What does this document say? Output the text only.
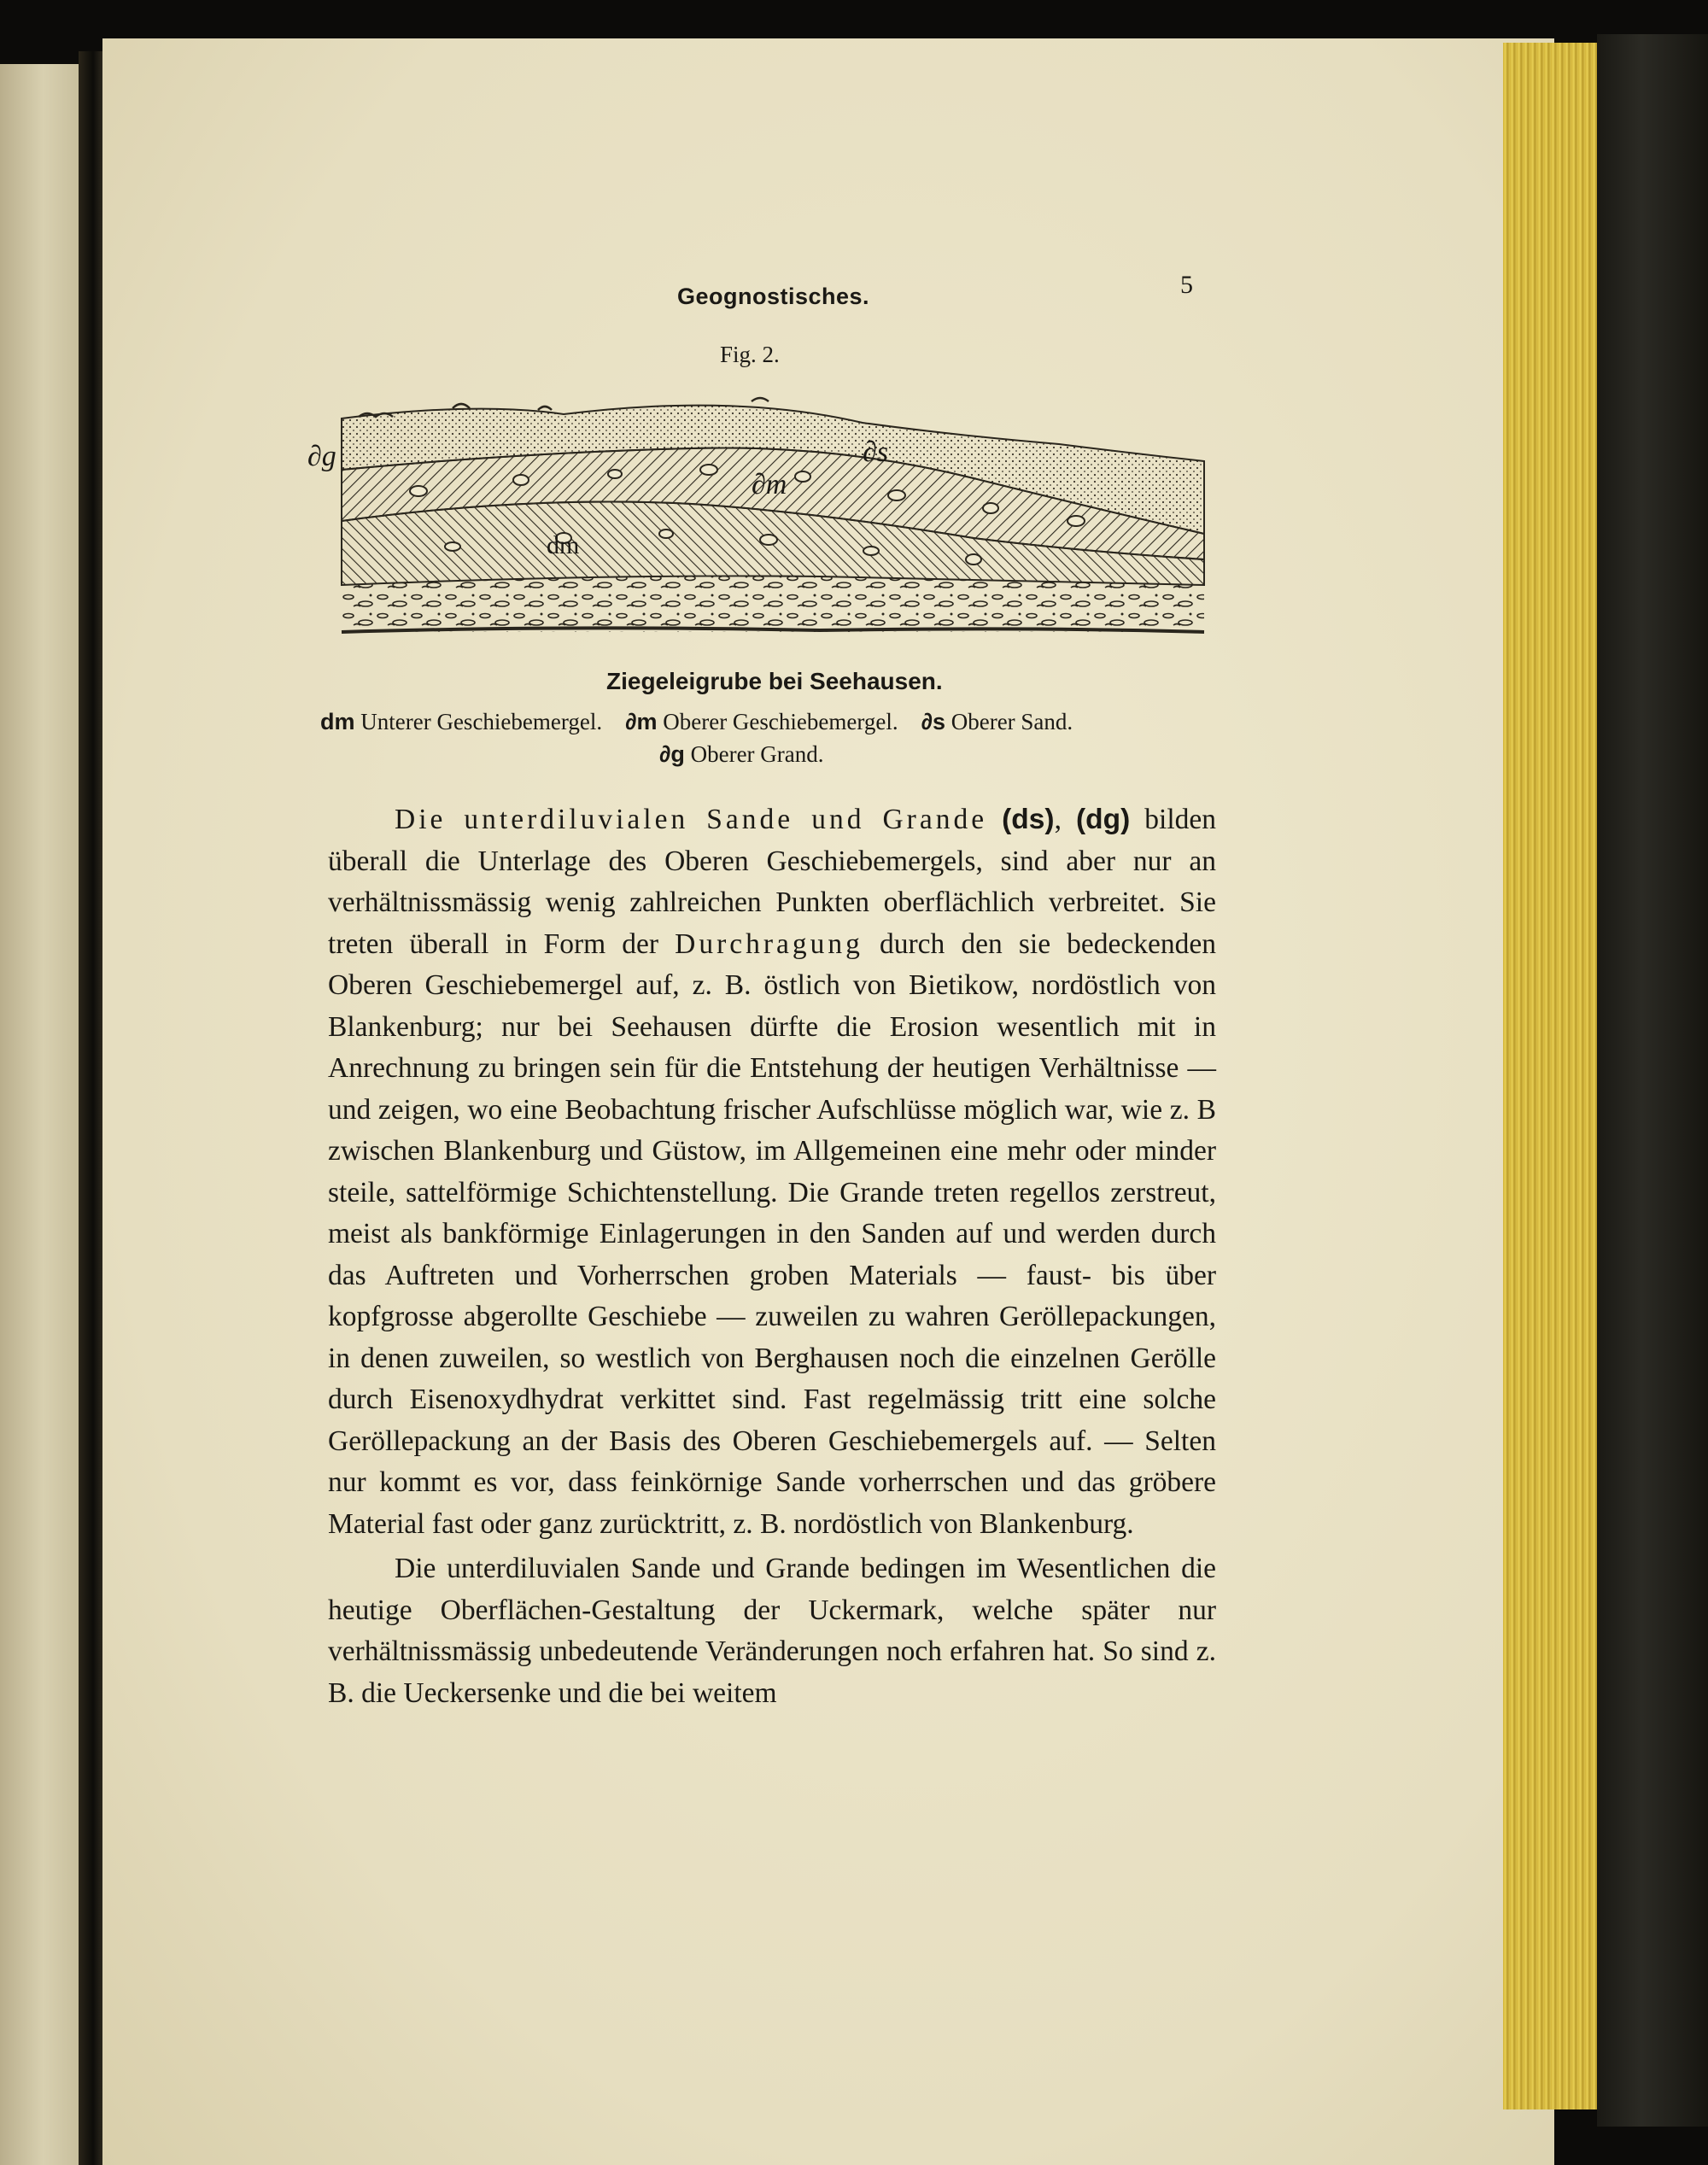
Geognostisches.	5
Fig. 2.
∂g	∂s
∂m
dm
Ziegeleigrube bei Seehausen.
dm Unterer Geschiebemergel. ∂m Oberer Geschiebemergel. ∂s Oberer Sand.
∂g Oberer Grand.

Die unterdiluvialen Sande und Grande (ds), (dg) bilden überall die Unterlage des Oberen Geschiebemergels, sind aber nur an verhältnissmässig wenig zahlreichen Punkten oberflächlich verbreitet. Sie treten überall in Form der Durchragung durch den sie bedeckenden Oberen Geschiebemergel auf, z. B. östlich von Bietikow, nordöstlich von Blankenburg; nur bei Seehausen dürfte die Erosion wesentlich mit in Anrechnung zu bringen sein für die Entstehung der heutigen Verhältnisse — und zeigen, wo eine Beobachtung frischer Aufschlüsse möglich war, wie z. B zwischen Blankenburg und Güstow, im Allgemeinen eine mehr oder minder steile, sattelförmige Schichtenstellung. Die Grande treten regellos zerstreut, meist als bankförmige Einlagerungen in den Sanden auf und werden durch das Auftreten und Vorherrschen groben Materials — faust- bis über kopfgrosse abgerollte Geschiebe — zuweilen zu wahren Geröllepackungen, in denen zuweilen, so westlich von Berghausen noch die einzelnen Gerölle durch Eisenoxydhydrat verkittet sind. Fast regelmässig tritt eine solche Geröllepackung an der Basis des Oberen Geschiebemergels auf. — Selten nur kommt es vor, dass feinkörnige Sande vorherrschen und das gröbere Material fast oder ganz zurücktritt, z. B. nordöstlich von Blankenburg.

Die unterdiluvialen Sande und Grande bedingen im Wesentlichen die heutige Oberflächen-Gestaltung der Uckermark, welche später nur verhältnissmässig unbedeutende Veränderungen noch erfahren hat. So sind z. B. die Ueckersenke und die bei weitem
